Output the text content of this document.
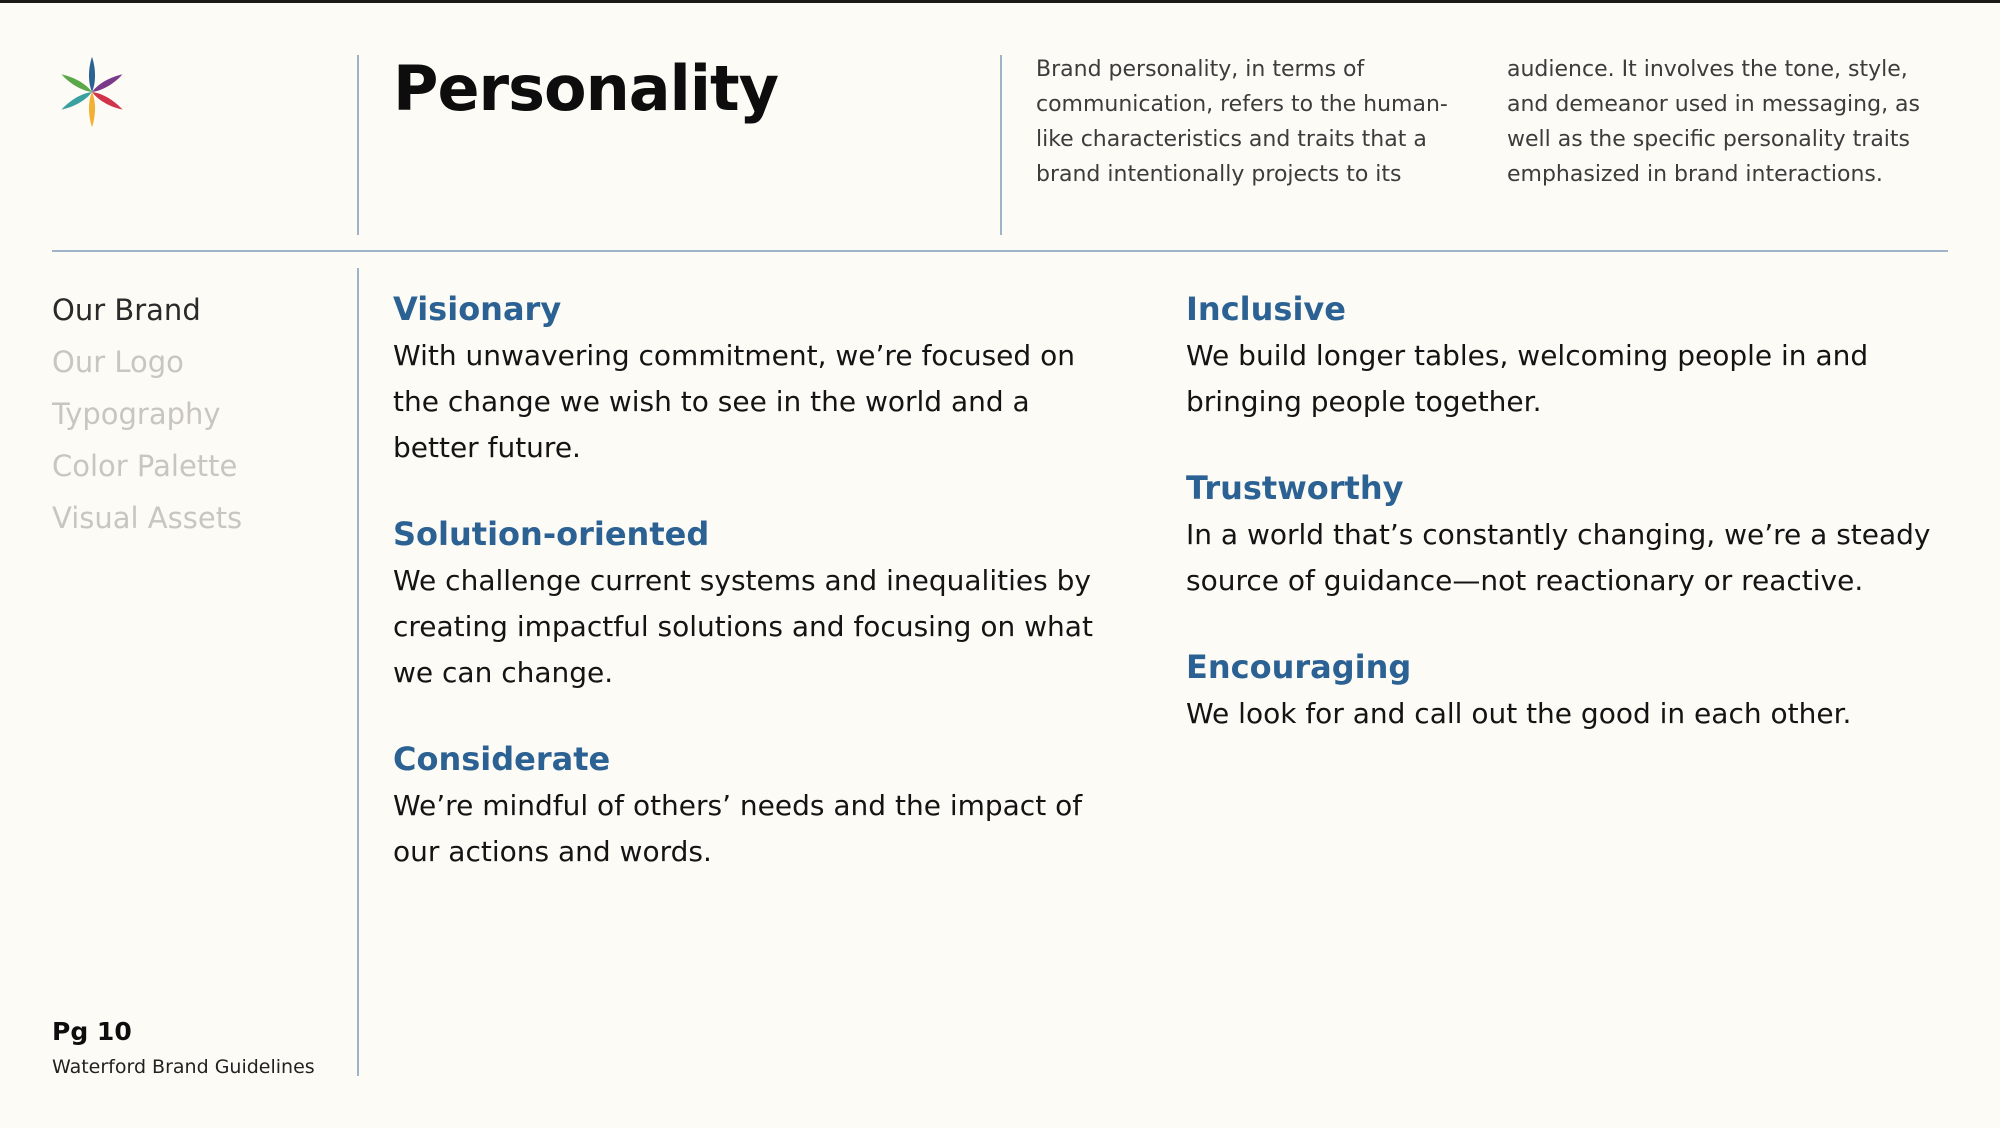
Personality	Brand personality, in terms of communication, refers to the human-like characteristics and traits that a brand intentionally projects to its

audience. It involves the tone, style, and demeanor used in messaging, as well as the specific personality traits emphasized in brand interactions.

Our Brand
Our Logo
Typography
Color Palette
Visual Assets
Visionary

With unwavering commitment, we’re focused on the change we wish to see in the world and a better future.

Solution-oriented

We challenge current systems and inequalities by creating impactful solutions and focusing on what we can change.

Considerate

We’re mindful of others’ needs and the impact of our actions and words.

Inclusive

We build longer tables, welcoming people in and bringing people together.

Trustworthy

In a world that’s constantly changing, we’re a steady source of guidance—not reactionary or reactive.

Encouraging

We look for and call out the good in each other.

Pg 10
Waterford Brand Guidelines
